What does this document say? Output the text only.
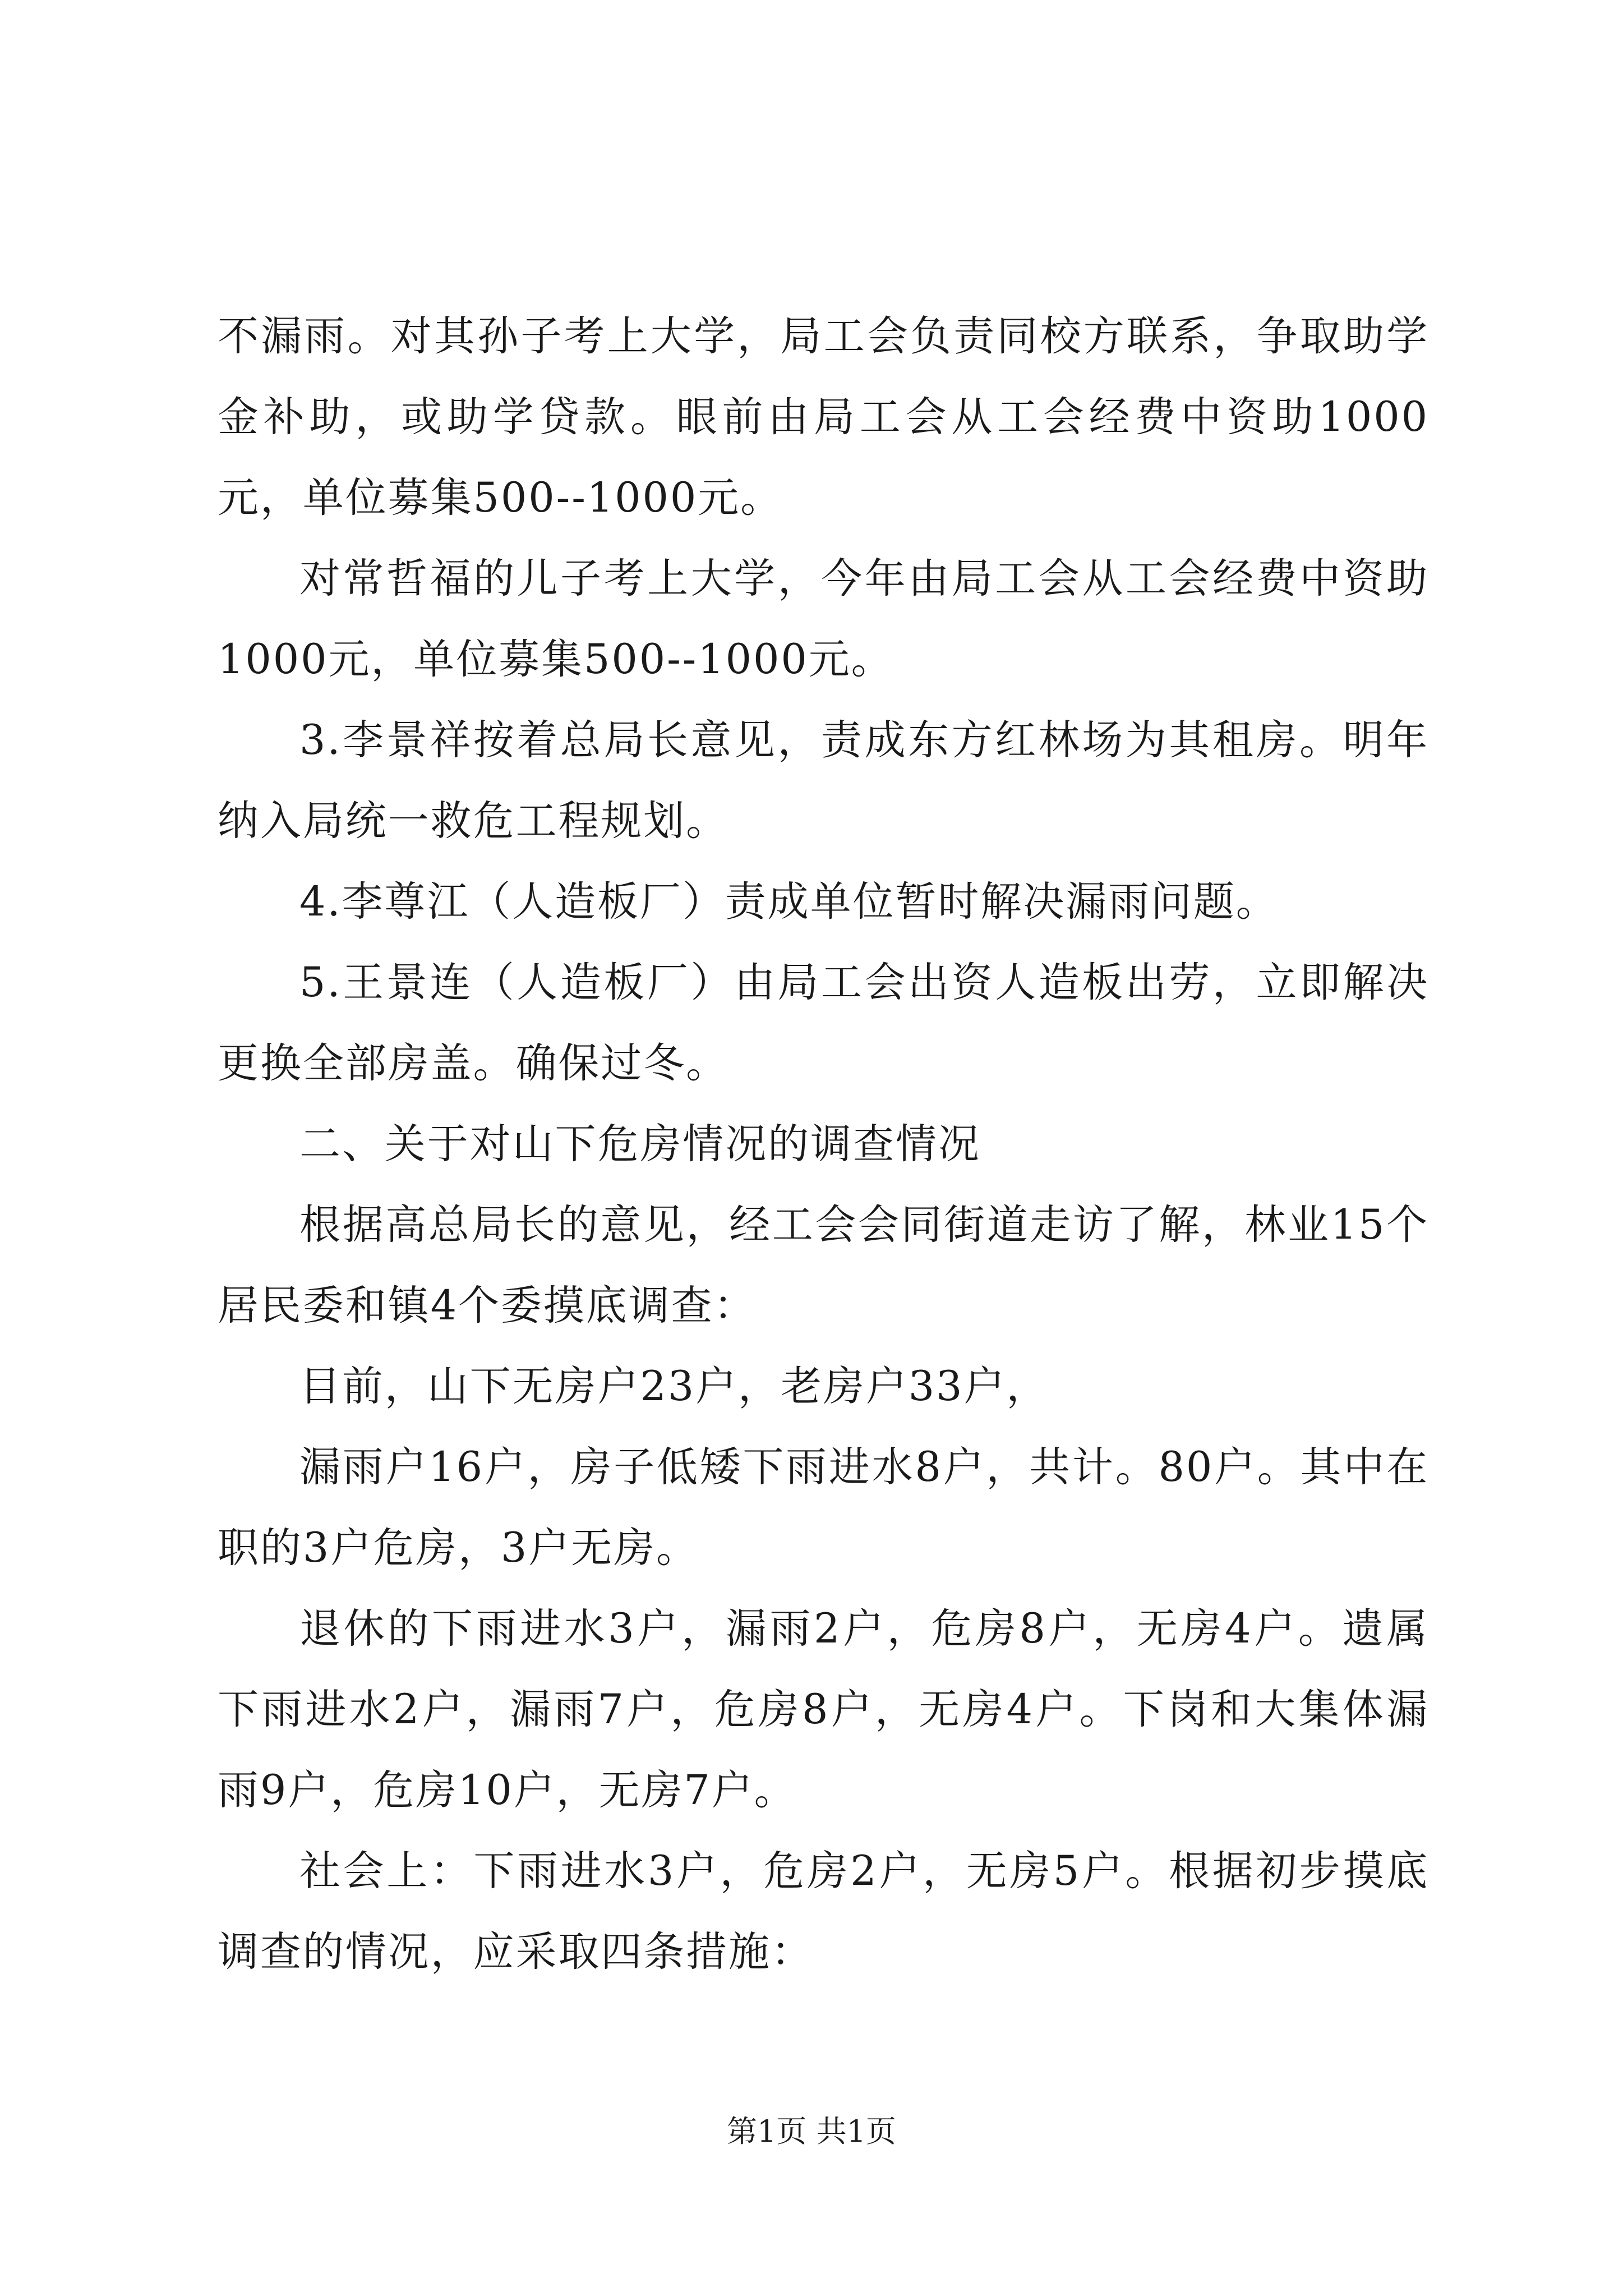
不漏雨。对其孙子考上大学，局工会负责同校方联系，争取助学金补助，或助学贷款。眼前由局工会从工会经费中资助1000元，单位募集500--1000元。

对常哲福的儿子考上大学，今年由局工会从工会经费中资助1000元，单位募集500--1000元。

3.李景祥按着总局长意见，责成东方红林场为其租房。明年纳入局统一救危工程规划。

4.李尊江（人造板厂）责成单位暂时解决漏雨问题。

5.王景连（人造板厂）由局工会出资人造板出劳，立即解决更换全部房盖。确保过冬。

二、关于对山下危房情况的调查情况

根据高总局长的意见，经工会会同街道走访了解，林业15个居民委和镇4个委摸底调查：

目前，山下无房户23户，老房户33户，

漏雨户16户，房子低矮下雨进水8户，共计。80户。其中在职的3户危房，3户无房。

退休的下雨进水3户，漏雨2户，危房8户，无房4户。遗属下雨进水2户，漏雨7户，危房8户，无房4户。下岗和大集体漏雨9户，危房10户，无房7户。

社会上：下雨进水3户，危房2户，无房5户。根据初步摸底调查的情况，应采取四条措施：

第1页 共1页
